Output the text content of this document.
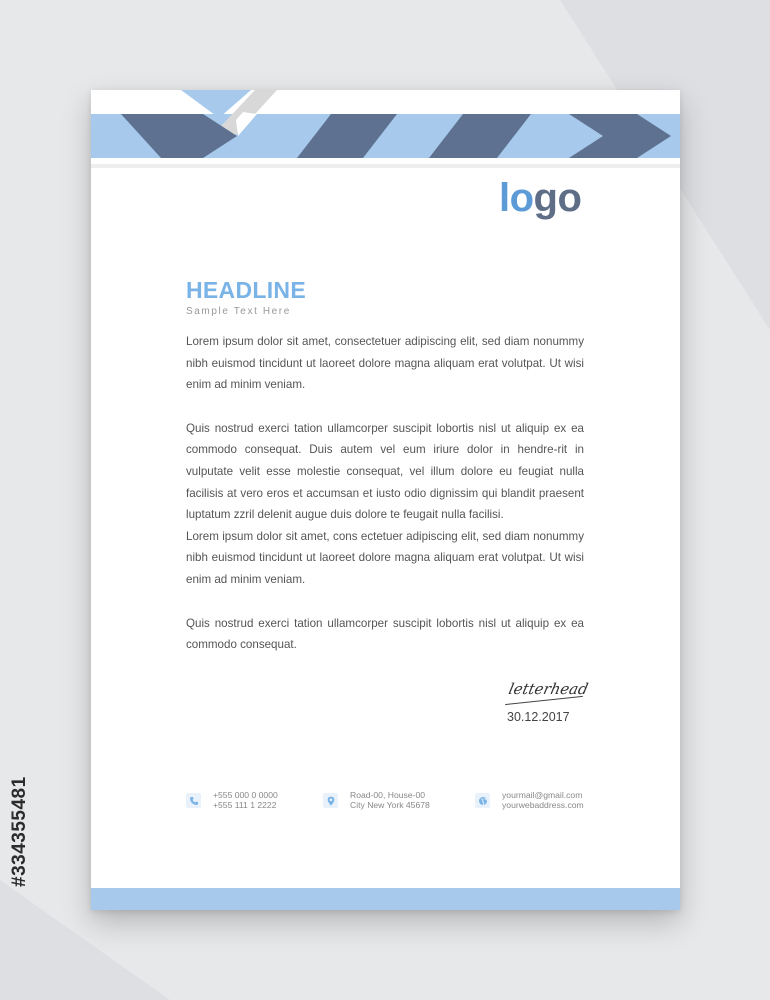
#334355481
logo
HEADLINE
Sample Text Here

Lorem ipsum dolor sit amet, consectetuer adipiscing elit, sed diam nonummy nibh euismod tincidunt ut laoreet dolore magna aliquam erat volutpat. Ut wisi enim ad minim veniam.

Quis nostrud exerci tation ullamcorper suscipit lobortis nisl ut aliquip ex ea commodo consequat. Duis autem vel eum iriure dolor in hendre-rit in vulputate velit esse molestie consequat, vel illum dolore eu feugiat nulla facilisis at vero eros et accumsan et iusto odio dignissim qui blandit praesent luptatum zzril delenit augue duis dolore te feugait nulla facilisi.

Lorem ipsum dolor sit amet, cons ectetuer adipiscing elit, sed diam nonummy nibh euismod tincidunt ut laoreet dolore magna aliquam erat volutpat. Ut wisi enim ad minim veniam.

Quis nostrud exerci tation ullamcorper suscipit lobortis nisl ut aliquip ex ea commodo consequat.

letterhead
30.12.2017
+555 000 0 0000
+555 111 1 2222
Road-00, House-00
City New York 45678
yourmail@gmail.com
yourwebaddress.com
